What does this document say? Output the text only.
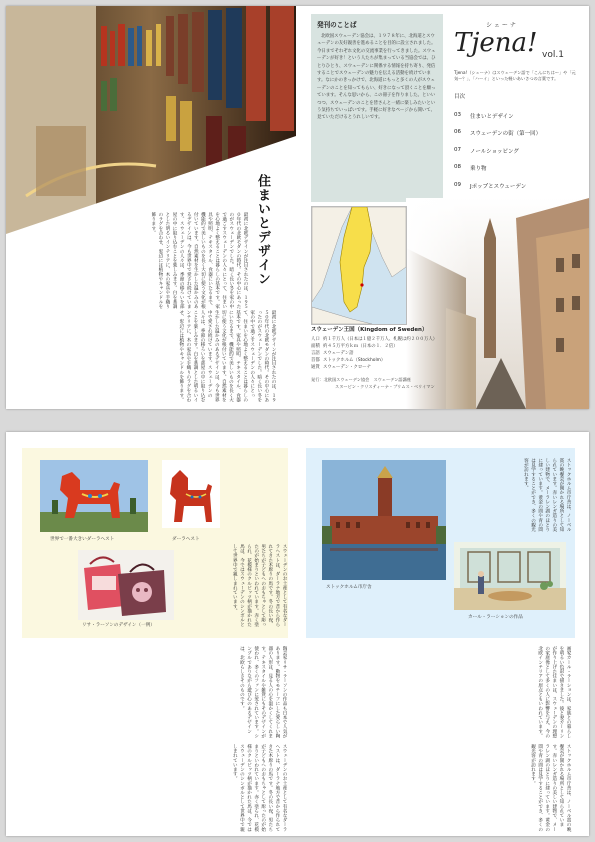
住まいとデザイン
最初に北欧デザインが注目されたのは、１９５０年代の北欧モダンの時代。その中心にあったのがスウェーデンでした。暗く長い冬を家の中で過ごすスウェーデンの人々にとって、住まいを心地よく整えることは暮らしの基本です。家具や照明、テキスタイル、食器にいたるまで、機能的で美しいものを長く大切に使う文化が根付いています。自然素材を生かした温かみのあるデザインは、今も世界中で愛され続けています。スウェーデンの人々は、季節の移ろいを部屋の中に取り込むことを楽しみます。白を基調とした明るいインテリアに、木の家具や手織りのラグを合わせ、窓辺には植物やキャンドルを飾ります。
最初に北欧デザインが注目されたのは、１９５０年代の北欧モダンの時代。その中心にあったのがスウェーデンでした。暗く長い冬を家の中で過ごすスウェーデンの人々にとって、住まいを心地よく整えることは暮らしの基本です。家具や照明、テキスタイル、食器にいたるまで、機能的で美しいものを長く大切に使う文化が根付いています。自然素材を生かした温かみのあるデザインは、今も世界中で愛され続けています。スウェーデンの人々は、季節の移ろいを部屋の中に取り込むことを楽しみます。白を基調とした明るいインテリアに、木の家具や手織りのラグを合わせ、窓辺には植物やキャンドルを飾ります。
発刊のことば
北欧国スウェーデン協会は、１９７８年に、北海道とスウェーデンの友好親善を進めることを目的に設立されました。今日までそれぞれ文化の交流事業を行ってきました。スウェーデンが好き！という人たちが集まっている当協会では、ひとりひとり、スウェーデンに関係する情報を持ち寄り、発信することでスウェーデンの魅力を伝える活動を続けています。なにかのきっかけで、北海道にもっと多くの人がスウェーデンのことを知ってもらい、好きになって頂くことを願っています。そんな思いから、この冊子を作りました。といいつつ、スウェーデンのことを皆さんと一緒に楽しみたいという気持ちでいっぱいです。手軽に好きなページから開いて、見ていただけるとうれしいです。
シェーナ
Tjena! vol.1
Tjena!（シェーナ）はスウェーデン語で「こんにちは〜」や「元気〜？」、「ハーイ」といった軽いあいさつの言葉です。
目次
03	住まいとデザイン
06	スウェーデンの街（第一回）
07	ノールショッピング
08	乗り物
09	Jポップとスウェーデン
スウェーデン王国（Kingdom of Sweden）
人口 約１千万人（日本は１億２千万人、札幌は約２００万人）
面積 約４５万平方ｋｍ（日本の１．２倍）
言語 スウェーデン語
首都 ストックホルム（Stockholm）
通貨 スウェーデン・クローナ
発行：北欧国スウェーデン協会　スウェーデン語講座
スヌーピン・クリスティーナ・プリムス・ベリイマン
世界で一番大きいダーラヘスト	ダーラヘスト
リサ・ラーソンのデザイン（一例）	スウェーデンのお土産として有名なダーラヘストは、ダーラナ地方で昔から作られてきた木彫りの馬です。冬の長い夜、男たちが子どもへのおもちゃとして彫ったのが始まりといわれています。赤く塗られ、花模様のクルビッツ柄が描かれた馬は、今ではスウェーデンのシンボルとして世界中で親しまれています。
陶芸家リサ・ラーソンの作品も日本で人気があります。動物をモチーフにした愛らしい陶器の人形は、見る人の心を温かくしてくれます。テキスタイルや雑貨にもそのデザインが使われ、多くのファンに愛されています。シンプルでありながら遊び心のあるデザインは、北欧らしさそのものです。
スウェーデンのお土産として有名なダーラヘストは、ダーラナ地方で昔から作られてきた木彫りの馬です。冬の長い夜、男たちが子どもへのおもちゃとして彫ったのが始まりといわれています。赤く塗られ、花模様のクルビッツ柄が描かれた馬は、今ではスウェーデンのシンボルとして世界中で親しまれています。
ストックホルム市庁舎
カール・ラーションの作品
ストックホルム市庁舎は、ノーベル賞の晩餐会が開かれる場所として知られています。赤いレンガ造りの美しい建物で、メーラレン湖のほとりに建っています。黄金の間や青の間は見学することができ、多くの観光客が訪れます。
画家カール・ラーションは、家族との暮らしを明るい色彩で描きました。彼と妻カーリンが作り上げた住まいは、スウェーデンの理想の家庭像として多くの人に影響を与え、今の北欧インテリアの原点ともいわれています。
ストックホルム市庁舎は、ノーベル賞の晩餐会が開かれる場所として知られています。赤いレンガ造りの美しい建物で、メーラレン湖のほとりに建っています。黄金の間や青の間は見学することができ、多くの観光客が訪れます。
